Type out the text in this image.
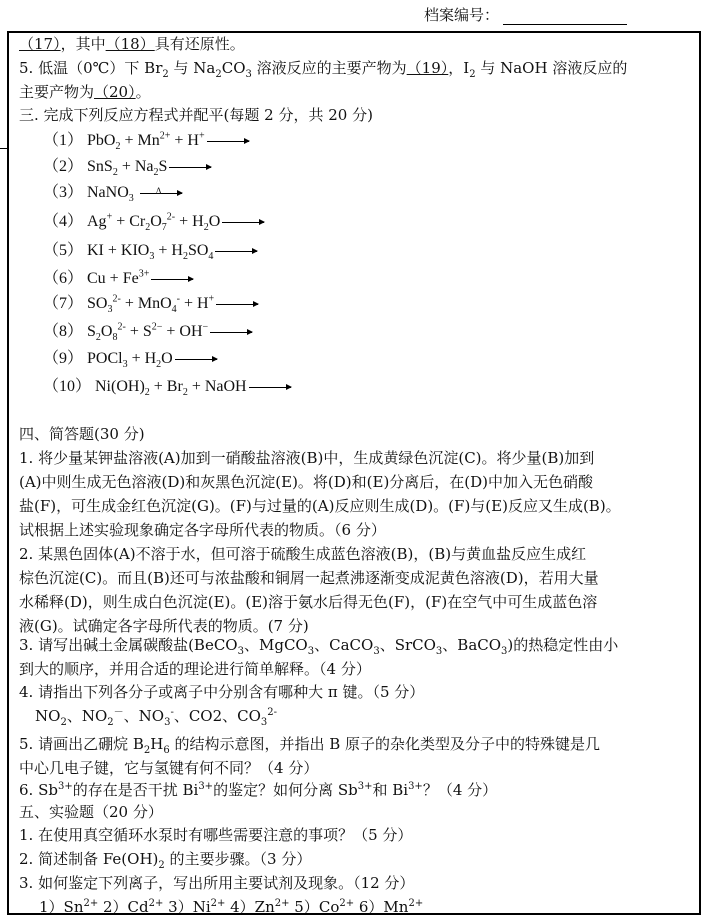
档案编号：
（17），其中（18）具有还原性。
5. 低温（0℃）下 $Br_2$ 与 $Na_2CO_3$ 溶液反应的主要产物为（19），$I_2$ 与 NaOH 溶液反应的
主要产物为（20）。
三. 完成下列反应方程式并配平(每题 2 分，共 20 分)
（1） $PbO_2 + Mn^{2+} + H^+$
（2） $SnS_2 + Na_2S$
（3） NaNO$_3$
Δ
（4） $Ag^+ + Cr_2O_7^{2-} + H_2O$
（5） KI + $KIO_3 + H_2SO_4$
（6） $Cu + Fe^{3+}$
（7） $SO_3^{2-} + MnO_4^- + H^+$
（8） $S_2O_8^{2-} + S^{2-} + OH^-$
（9） POCl$_3$ + $H_2O$
（10） $Ni(OH)_2 + Br_2$ + NaOH
四、简答题(30 分)
1. 将少量某钾盐溶液(A)加到一硝酸盐溶液(B)中，生成黄绿色沉淀(C)。将少量(B)加到
(A)中则生成无色溶液(D)和灰黑色沉淀(E)。将(D)和(E)分离后，在(D)中加入无色硝酸
盐(F)，可生成金红色沉淀(G)。(F)与过量的(A)反应则生成(D)。(F)与(E)反应又生成(B)。
试根据上述实验现象确定各字母所代表的物质。（6 分）
2. 某黑色固体(A)不溶于水，但可溶于硫酸生成蓝色溶液(B)，(B)与黄血盐反应生成红
棕色沉淀(C)。而且(B)还可与浓盐酸和铜屑一起煮沸逐渐变成泥黄色溶液(D)，若用大量
水稀释(D)，则生成白色沉淀(E)。(E)溶于氨水后得无色(F)，(F)在空气中可生成蓝色溶
液(G)。试确定各字母所代表的物质。(7 分)
3. 请写出碱土金属碳酸盐(BeCO$_3$、MgCO$_3$、CaCO$_3$、SrCO$_3$、BaCO$_3$)的热稳定性由小
到大的顺序，并用合适的理论进行简单解释。（4 分）
4. 请指出下列各分子或离子中分别含有哪种大 π 键。（5 分）
$NO_2$、$NO_2^-$、$NO_3^-$、CO2、$CO_3^{2-}$
5. 请画出乙硼烷 $B_2H_6$ 的结构示意图，并指出 B 原子的杂化类型及分子中的特殊键是几
中心几电子键，它与氢键有何不同？（4 分）
6. $Sb^{3+}$的存在是否干扰 $Bi^{3+}$的鉴定？如何分离 $Sb^{3+}$和 $Bi^{3+}$？（4 分）
五、实验题（20 分）
1. 在使用真空循环水泵时有哪些需要注意的事项？（5 分）
2. 简述制备 $Fe(OH)_2$ 的主要步骤。（3 分）
3. 如何鉴定下列离子，写出所用主要试剂及现象。（12 分）
$1)Sn^{2+}$ $2)Cd^{2+}$ $3)Ni^{2+}$ $4)Zn^{2+}$ $5)Co^{2+}$ $6)Mn^{2+}$
